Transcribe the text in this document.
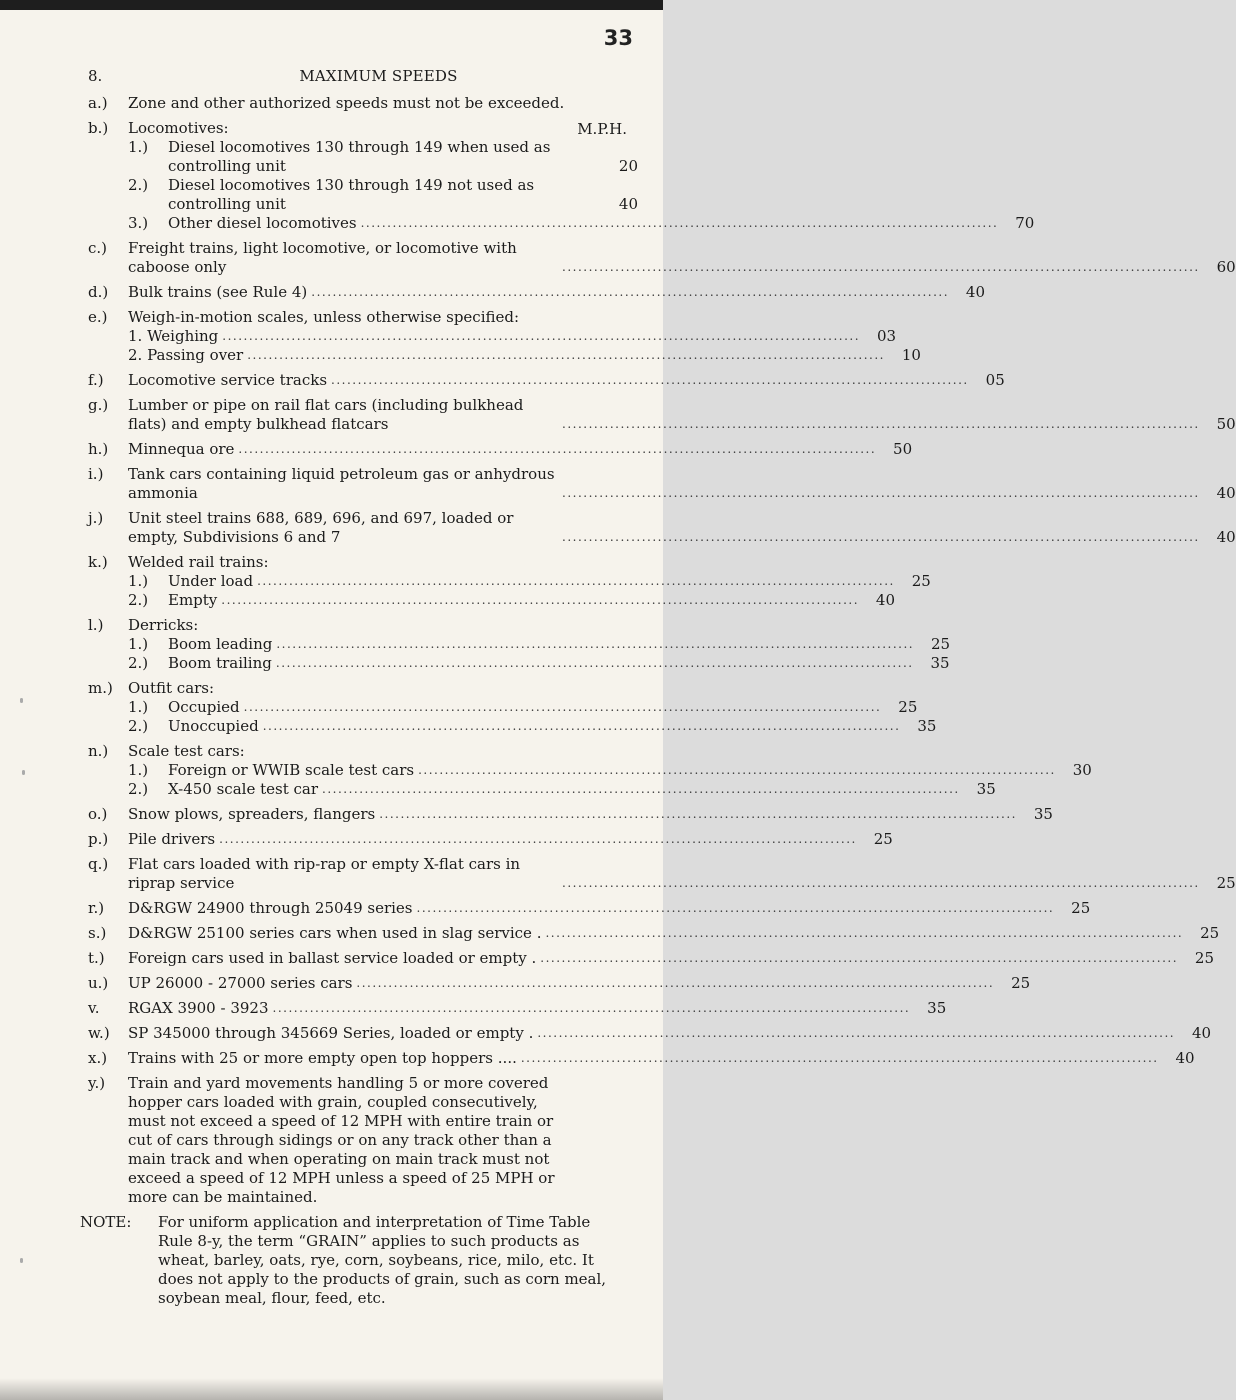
33
8.	MAXIMUM SPEEDS
M.P.H.
a.)	Zone and other authorized speeds must not be exceeded.
b.)	Locomotives:
1.) Diesel locomotives 130 through 149 when used as controlling unit	20
2.) Diesel locomotives 130 through 149 not used as controlling unit	40
3.) Other diesel locomotives ........................................................................................................................	70
c.)	Freight trains, light locomotive, or locomotive with caboose only	........................................................................................................................	60
d.)	Bulk trains (see Rule 4) ........................................................................................................................	40
e.)	Weigh-in-motion scales, unless otherwise specified:
1. Weighing ........................................................................................................................	03
2. Passing over ........................................................................................................................	10
f.)	Locomotive service tracks ........................................................................................................................	05
g.)	Lumber or pipe on rail flat cars (including bulkhead flats) and empty bulkhead flatcars	........................................................................................................................	50
h.)	Minnequa ore ........................................................................................................................	50
i.)	Tank cars containing liquid petroleum gas or anhydrous ammonia	........................................................................................................................	40
j.)	Unit steel trains 688, 689, 696, and 697, loaded or empty, Subdivisions 6 and 7	........................................................................................................................	40
k.)	Welded rail trains:
1.) Under load ........................................................................................................................	25
2.) Empty ........................................................................................................................	40
l.)	Derricks:
1.) Boom leading ........................................................................................................................	25
2.) Boom trailing ........................................................................................................................	35
m.)	Outfit cars:
1.) Occupied ........................................................................................................................	25
2.) Unoccupied ........................................................................................................................	35
n.)	Scale test cars:
1.) Foreign or WWIB scale test cars ........................................................................................................................	30
2.) X-450 scale test car ........................................................................................................................	35
o.)	Snow plows, spreaders, flangers ........................................................................................................................	35
p.)	Pile drivers ........................................................................................................................	25
q.)	Flat cars loaded with rip-rap or empty X-flat cars in riprap service	........................................................................................................................	25
r.)	D&RGW 24900 through 25049 series ........................................................................................................................	25
s.)	D&RGW 25100 series cars when used in slag service . ........................................................................................................................	25
t.)	Foreign cars used in ballast service loaded or empty . ........................................................................................................................	25
u.)	UP 26000 - 27000 series cars ........................................................................................................................	25
v.	RGAX 3900 - 3923 ........................................................................................................................	35
w.)	SP 345000 through 345669 Series, loaded or empty . ........................................................................................................................	40
x.)	Trains with 25 or more empty open top hoppers .... ........................................................................................................................	40
y.)	Train and yard movements handling 5 or more covered hopper cars loaded with grain, coupled consecutively, must not exceed a speed of 12 MPH with entire train or cut of cars through sidings or on any track other than a main track and when operating on main track must not exceed a speed of 12 MPH unless a speed of 25 MPH or more can be maintained.
NOTE: For uniform application and interpretation of Time Table Rule 8-y, the term “GRAIN” applies to such products as wheat, barley, oats, rye, corn, soybeans, rice, milo, etc. It does not apply to the products of grain, such as corn meal, soybean meal, flour, feed, etc.
